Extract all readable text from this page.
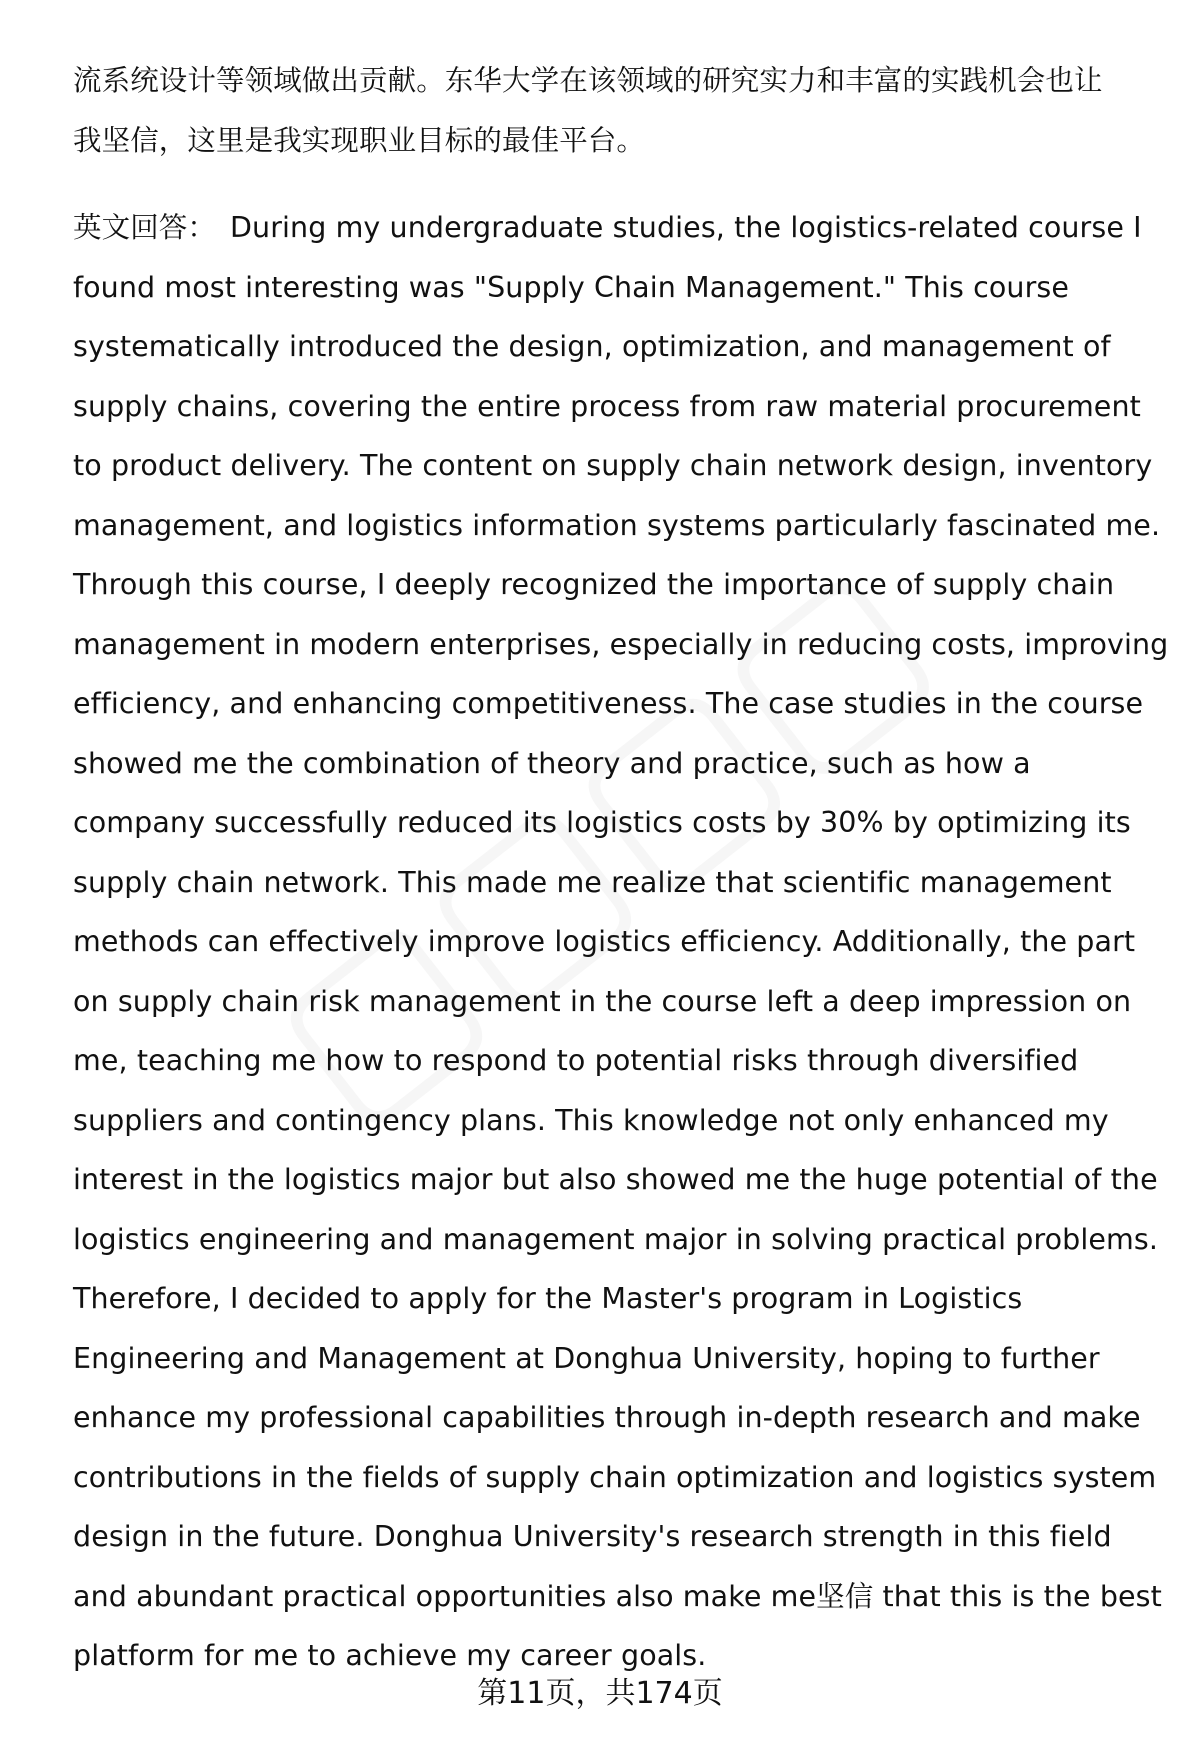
流系统设计等领域做出贡献。东华大学在该领域的研究实力和丰富的实践机会也让
我坚信，这里是我实现职业目标的最佳平台。

英文回答： During my undergraduate studies, the logistics-related course I
found most interesting was "Supply Chain Management." This course
systematically introduced the design, optimization, and management of
supply chains, covering the entire process from raw material procurement
to product delivery. The content on supply chain network design, inventory
management, and logistics information systems particularly fascinated me.
Through this course, I deeply recognized the importance of supply chain
management in modern enterprises, especially in reducing costs, improving
efficiency, and enhancing competitiveness. The case studies in the course
showed me the combination of theory and practice, such as how a
company successfully reduced its logistics costs by 30% by optimizing its
supply chain network. This made me realize that scientific management
methods can effectively improve logistics efficiency. Additionally, the part
on supply chain risk management in the course left a deep impression on
me, teaching me how to respond to potential risks through diversified
suppliers and contingency plans. This knowledge not only enhanced my
interest in the logistics major but also showed me the huge potential of the
logistics engineering and management major in solving practical problems.
Therefore, I decided to apply for the Master's program in Logistics
Engineering and Management at Donghua University, hoping to further
enhance my professional capabilities through in-depth research and make
contributions in the fields of supply chain optimization and logistics system
design in the future. Donghua University's research strength in this field
and abundant practical opportunities also make me坚信 that this is the best
platform for me to achieve my career goals.

第11页，共174页
